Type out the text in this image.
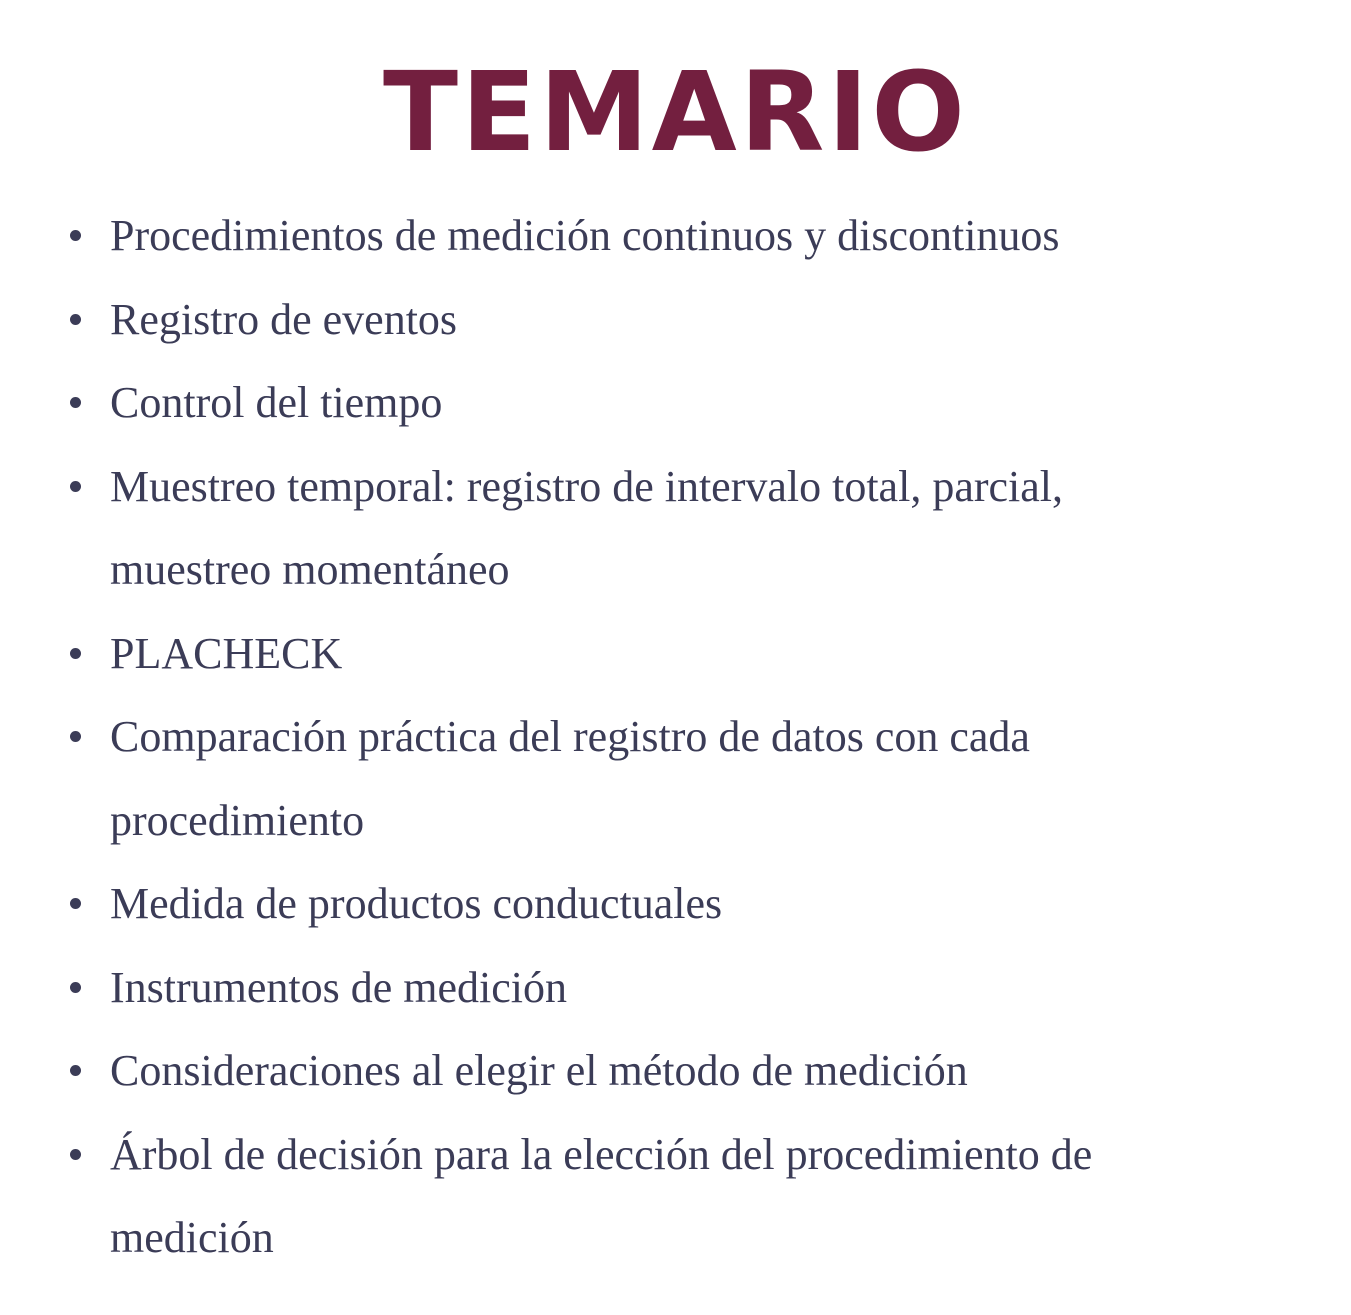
TEMARIO
Procedimientos de medición continuos y discontinuos
Registro de eventos
Control del tiempo
Muestreo temporal: registro de intervalo total, parcial, muestreo momentáneo
PLACHECK
Comparación práctica del registro de datos con cada procedimiento
Medida de productos conductuales
Instrumentos de medición
Consideraciones al elegir el método de medición
Árbol de decisión para la elección del procedimiento de medición
